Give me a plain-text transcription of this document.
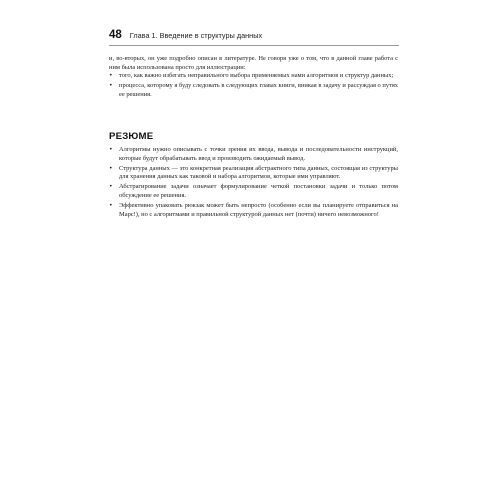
48 Глава 1. Введение в структуры данных

и, во-вторых, он уже подробно описан в литературе. Не говоря уже о том, что в данной главе работа с ним была использована просто для иллюстрации:

• того, как важно избегать неправильного выбора применяемых нами алгоритмов и структур данных;
• процесса, которому я буду следовать в следующих главах книги, вникая в задачу и рассуждая о путях ее решения.
РЕЗЮМЕ
• Алгоритмы нужно описывать с точки зрения их ввода, вывода и последовательности инструкций, которые будут обрабатывать ввод и производить ожидаемый вывод.
• Структура данных — это конкретная реализация абстрактного типа данных, состоящая из структуры для хранения данных как таковой и набора алгоритмов, которые ими управляют.
• Абстрагирование задачи означает формулирование четкой постановки задачи и только потом обсуждение ее решения.
• Эффективно упаковать рюкзак может быть непросто (особенно если вы планируете отправиться на Марс!), но с алгоритмами и правильной структурой данных нет (почти) ничего невозможного!
